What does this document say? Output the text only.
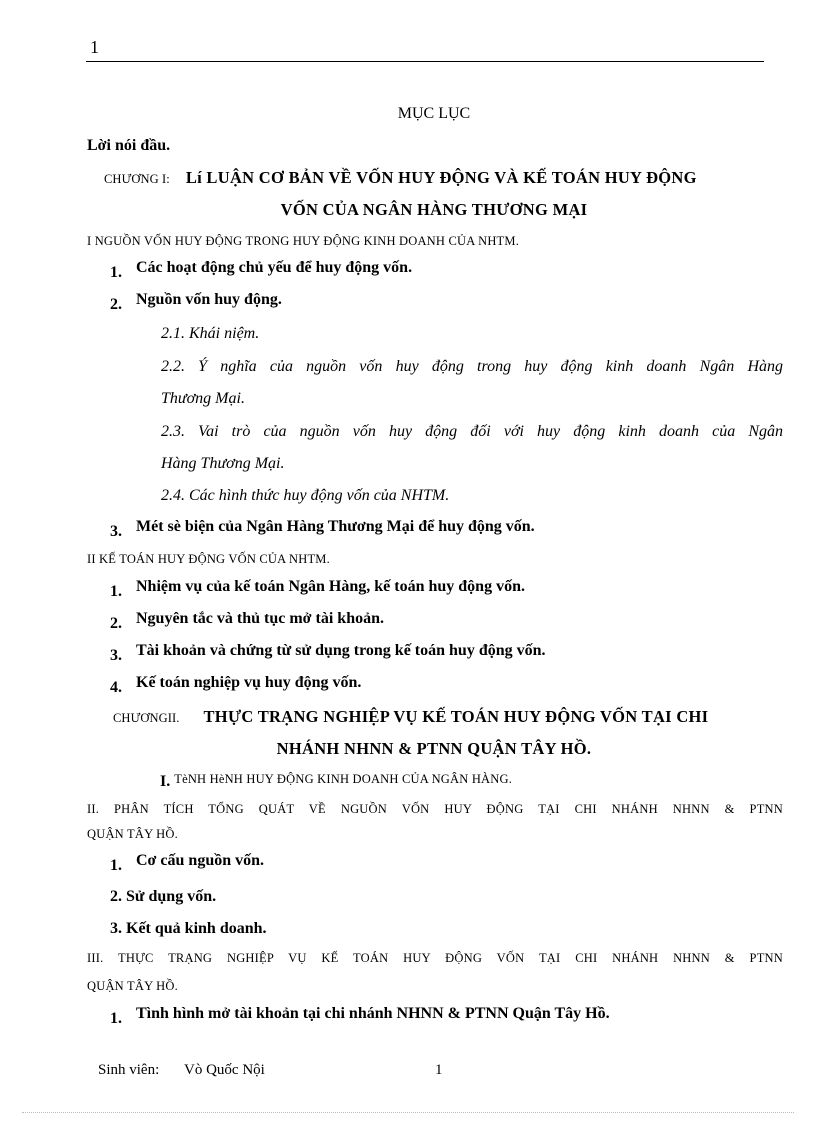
1
MỤC LỤC
Lời nói đầu.
CHƯƠNG I: Lí LUẬN CƠ BẢN VỀ VỐN HUY ĐỘNG VÀ KẾ TOÁN HUY ĐỘNG
VỐN CỦA NGÂN HÀNG THƯƠNG MẠI
I NGUỒN VỐN HUY ĐỘNG TRONG HUY ĐỘNG KINH DOANH CỦA NHTM.
1. Các hoạt động chủ yếu để huy động vốn.
2. Nguồn vốn huy động.
2.1. Khái niệm.
2.2. Ý nghĩa của nguồn vốn huy động trong huy động kinh doanh Ngân Hàng
Thương Mại.
2.3. Vai trò của nguồn vốn huy động đối với huy động kinh doanh của Ngân
Hàng Thương Mại.
2.4. Các hình thức huy động vốn của NHTM.
3. Mét sè biện của Ngân Hàng Thương Mại để huy động vốn.
II KẾ TOÁN HUY ĐỘNG VỐN CỦA NHTM.
1. Nhiệm vụ của kế toán Ngân Hàng, kế toán huy động vốn.
2. Nguyên tắc và thủ tục mở tài khoản.
3. Tài khoản và chứng từ sử dụng trong kế toán huy động vốn.
4. Kế toán nghiệp vụ huy động vốn.
CHƯƠNGII. THỰC TRẠNG NGHIỆP VỤ KẾ TOÁN HUY ĐỘNG VỐN TẠI CHI
NHÁNH NHNN & PTNN QUẬN TÂY HỒ.
I. TèNH HèNH HUY ĐỘNG KINH DOANH CỦA NGÂN HÀNG.
II. PHÂN TÍCH TỔNG QUÁT VỀ NGUỒN VỐN HUY ĐỘNG TẠI CHI NHÁNH NHNN & PTNN
QUẬN TÂY HỒ.
1. Cơ cấu nguồn vốn.
2. Sử dụng vốn.
3. Kết quả kinh doanh.
III. THỰC TRẠNG NGHIỆP VỤ KẾ TOÁN HUY ĐỘNG VỐN TẠI CHI NHÁNH NHNN & PTNN
QUẬN TÂY HỒ.
1. Tình hình mở tài khoản tại chi nhánh NHNN & PTNN Quận Tây Hồ.
Sinh viên: Vò Quốc Nội	1
